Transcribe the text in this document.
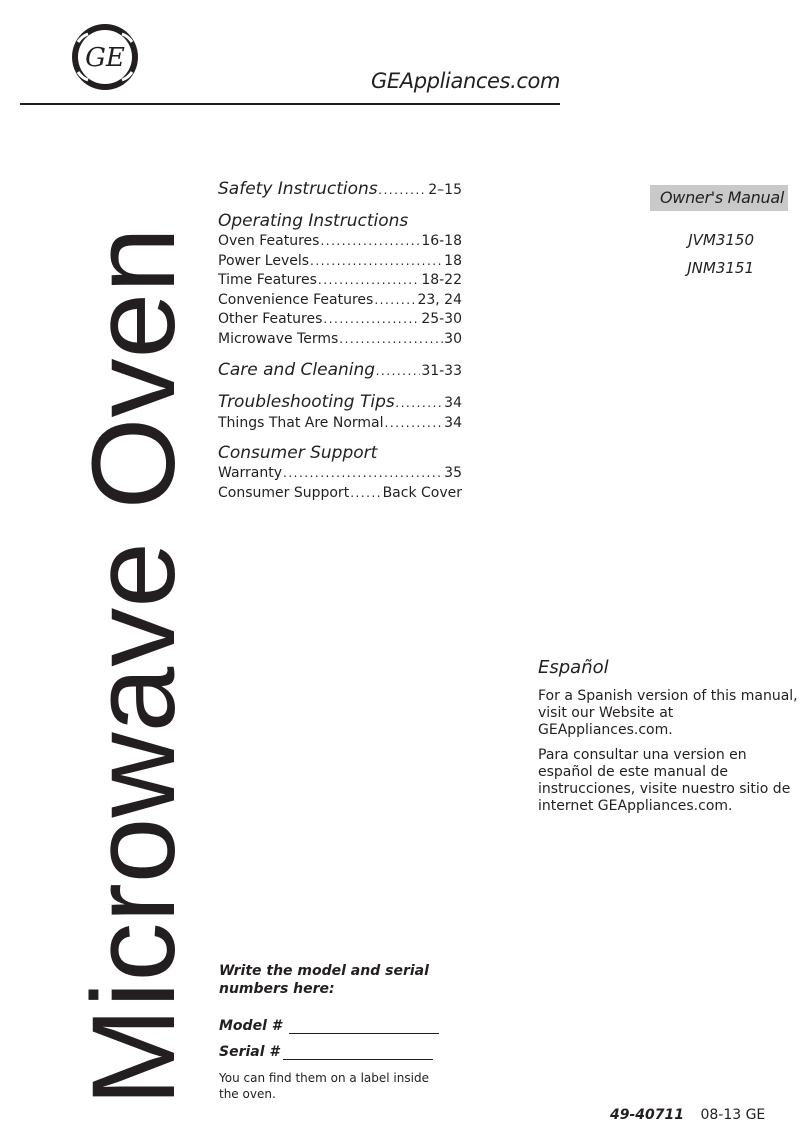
GE
GEAppliances.com
Microwave Oven
Safety Instructions .....	2–15
Operating Instructions
Oven Features .....	16-18
Power Levels .....	18
Time Features .....	18-22
Convenience Features .....	23, 24
Other Features .....	25-30
Microwave Terms .....	30
Care and Cleaning .....	31-33
Troubleshooting Tips .....	34
Things That Are Normal .....	34
Consumer Support
Warranty .....	35
Consumer Support ..... Back Cover
Owner's Manual
JVM3150
JNM3151
Español

For a Spanish version of this manual, visit our Website at GEAppliances.com.

Para consultar una version en español de este manual de instrucciones, visite nuestro sitio de internet GEAppliances.com.

Write the model and serial numbers here:
Model #
Serial #
You can find them on a label inside the oven.
49-40711 08-13 GE
